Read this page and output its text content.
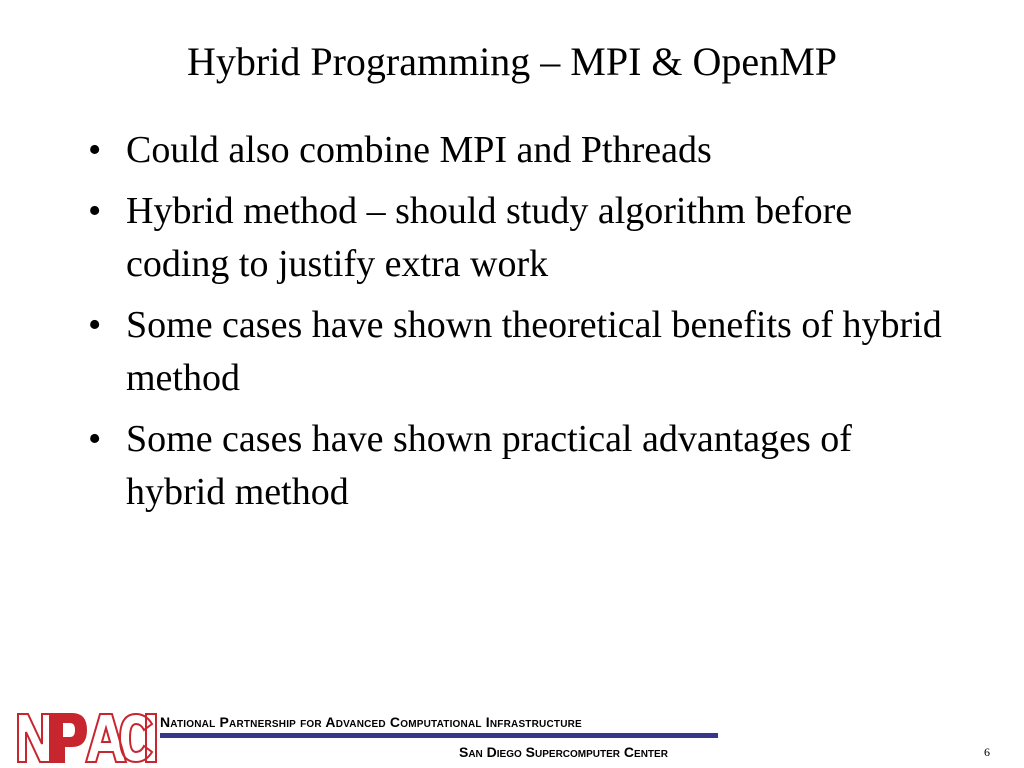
Hybrid Programming – MPI & OpenMP
• Could also combine MPI and Pthreads
• Hybrid method – should study algorithm before coding to justify extra work
• Some cases have shown theoretical benefits of hybrid method
• Some cases have shown practical advantages of hybrid method
National Partnership for Advanced Computational Infrastructure
San Diego Supercomputer Center	6
